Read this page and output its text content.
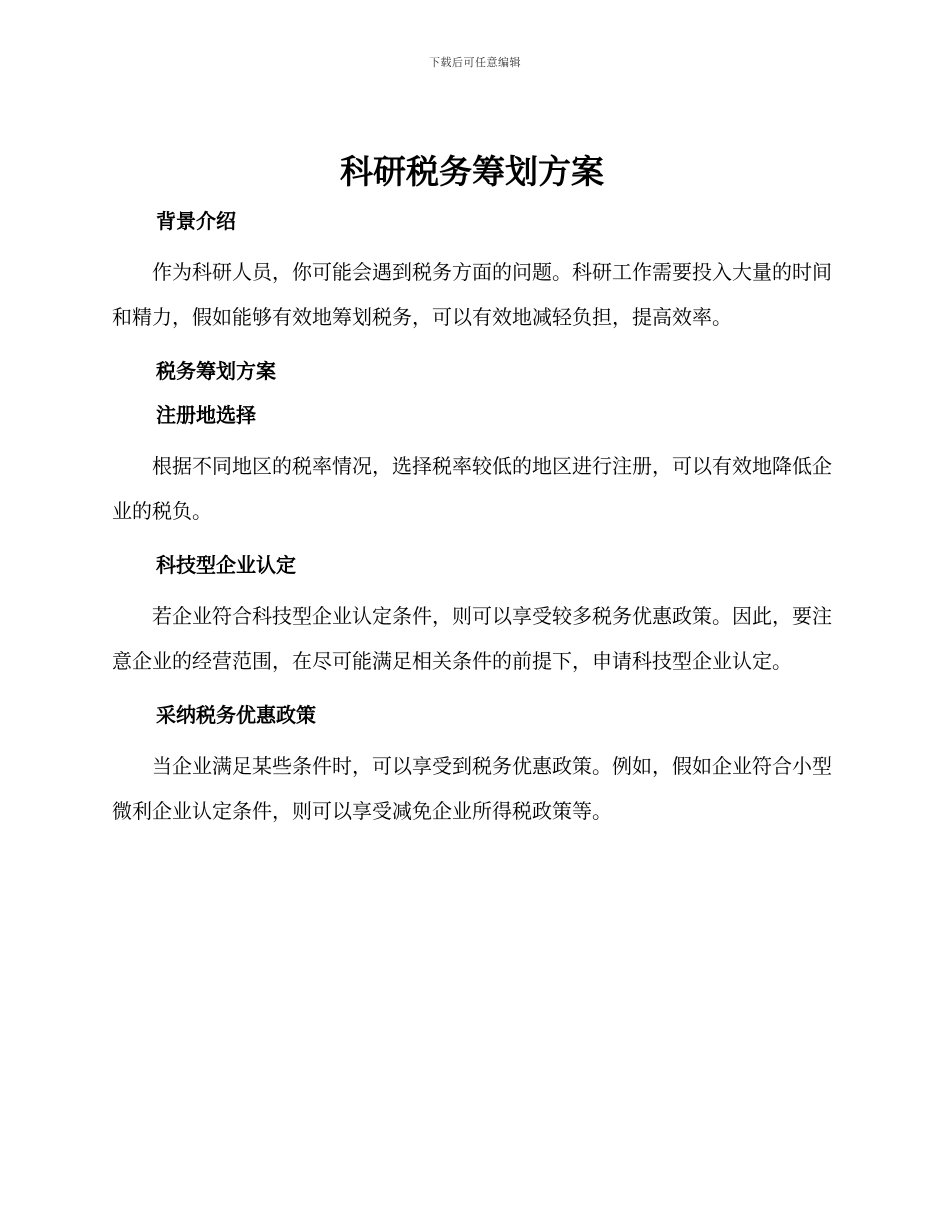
下载后可任意编辑
科研税务筹划方案
背景介绍

作为科研人员，你可能会遇到税务方面的问题。科研工作需要投入大量的时间和精力，假如能够有效地筹划税务，可以有效地减轻负担，提高效率。

税务筹划方案
注册地选择

根据不同地区的税率情况，选择税率较低的地区进行注册，可以有效地降低企业的税负。

科技型企业认定

若企业符合科技型企业认定条件，则可以享受较多税务优惠政策。因此，要注意企业的经营范围，在尽可能满足相关条件的前提下，申请科技型企业认定。

采纳税务优惠政策

当企业满足某些条件时，可以享受到税务优惠政策。例如，假如企业符合小型微利企业认定条件，则可以享受减免企业所得税政策等。
